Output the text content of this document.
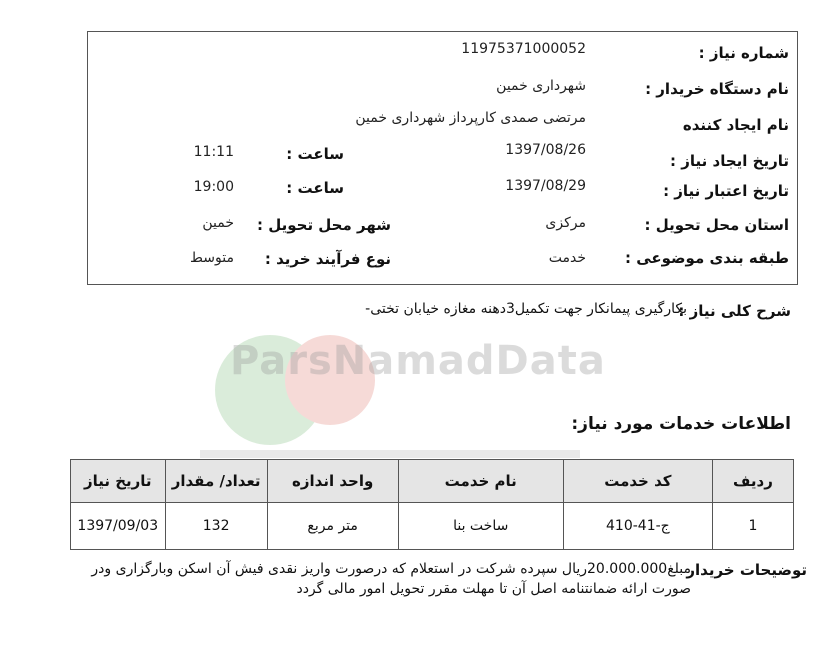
ParsNamadData
شماره نیاز :
11975371000052
نام دستگاه خریدار :
شهرداری خمین
نام ایجاد کننده
مرتضی صمدی کارپرداز شهرداری خمین
تاریخ ایجاد نیاز :
1397/08/26
ساعت :
11:11
تاریخ اعتبار نیاز :
1397/08/29
ساعت :
19:00
استان محل تحویل :
مرکزی
شهر محل تحویل :
خمین
طبقه بندی موضوعی :
خدمت
نوع فرآیند خرید :
متوسط
شرح کلی نیاز :
بکارگیری پیمانکار جهت تکمیل3دهنه مغازه خیابان تختی-
اطلاعات خدمات مورد نیاز:
ردیف	کد خدمت	نام خدمت	واحد اندازه	تعداد/ مقدار	تاریخ نیاز
1	ج-41-410	ساخت بنا	متر مربع	132	1397/09/03
توضیحات خریدار
مبلغ20.000.000ریال سپرده شرکت در استعلام که درصورت واریز نقدی فیش آن اسکن وبارگزاری ودر صورت ارائه ضمانتنامه اصل آن تا مهلت مقرر تحویل امور مالی گردد
